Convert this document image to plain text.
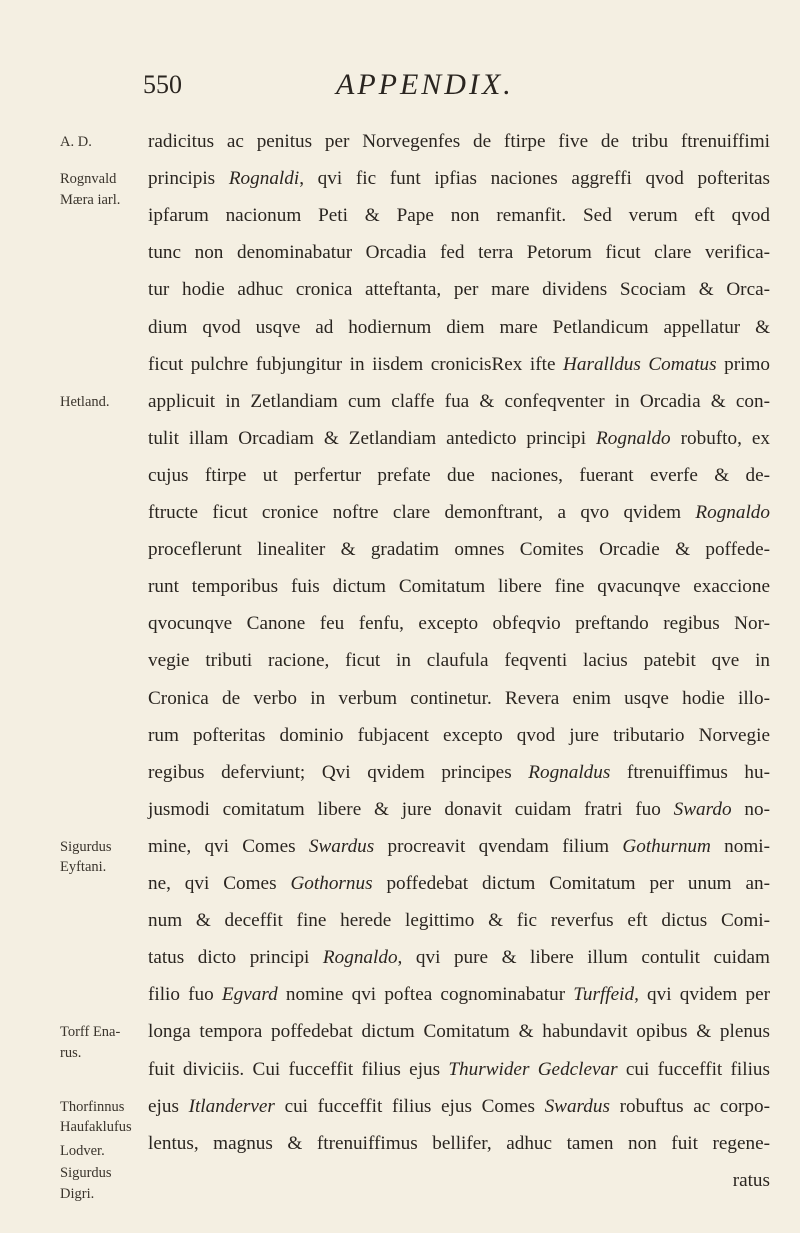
550	APPENDIX.
A. D.
Rognvald
Mæra iarl.
Hetland.
Sigurdus
Eyftani.
Torff Ena-
rus.
Thorfinnus
Haufaklufus
Lodver.
Sigurdus
Digri.
radicitus ac penitus per Norvegenfes de ftirpe five de tribu ftrenuiffimi
principis Rognaldi, qvi fic funt ipfias naciones aggreffi qvod pofteritas
ipfarum nacionum Peti & Pape non remanfit. Sed verum eft qvod
tunc non denominabatur Orcadia fed terra Petorum ficut clare verifica-
tur hodie adhuc cronica atteftanta, per mare dividens Scociam & Orca-
dium qvod usqve ad hodiernum diem mare Petlandicum appellatur &
ficut pulchre fubjungitur in iisdem cronicisRex ifte Haralldus Comatus primo
applicuit in Zetlandiam cum claffe fua & confeqventer in Orcadia & con-
tulit illam Orcadiam & Zetlandiam antedicto principi Rognaldo robufto, ex
cujus ftirpe ut perfertur prefate due naciones, fuerant everfe & de-
ftructe ficut cronice noftre clare demonftrant, a qvo qvidem Rognaldo
proceflerunt linealiter & gradatim omnes Comites Orcadie & poffede-
runt temporibus fuis dictum Comitatum libere fine qvacunqve exaccione
qvocunqve Canone feu fenfu, excepto obfeqvio preftando regibus Nor-
vegie tributi racione, ficut in claufula feqventi lacius patebit qve in
Cronica de verbo in verbum continetur. Revera enim usqve hodie illo-
rum pofteritas dominio fubjacent excepto qvod jure tributario Norvegie
regibus deferviunt; Qvi qvidem principes Rognaldus ftrenuiffimus hu-
jusmodi comitatum libere & jure donavit cuidam fratri fuo Swardo no-
mine, qvi Comes Swardus procreavit qvendam filium Gothurnum nomi-
ne, qvi Comes Gothornus poffedebat dictum Comitatum per unum an-
num & deceffit fine herede legittimo & fic reverfus eft dictus Comi-
tatus dicto principi Rognaldo, qvi pure & libere illum contulit cuidam
filio fuo Egvard nomine qvi poftea cognominabatur Turffeid, qvi qvidem per
longa tempora poffedebat dictum Comitatum & habundavit opibus & plenus
fuit diviciis. Cui fucceffit filius ejus Thurwider Gedclevar cui fucceffit filius
ejus Itlanderver cui fucceffit filius ejus Comes Swardus robuftus ac corpo-
lentus, magnus & ftrenuiffimus bellifer, adhuc tamen non fuit regene-
ratus
